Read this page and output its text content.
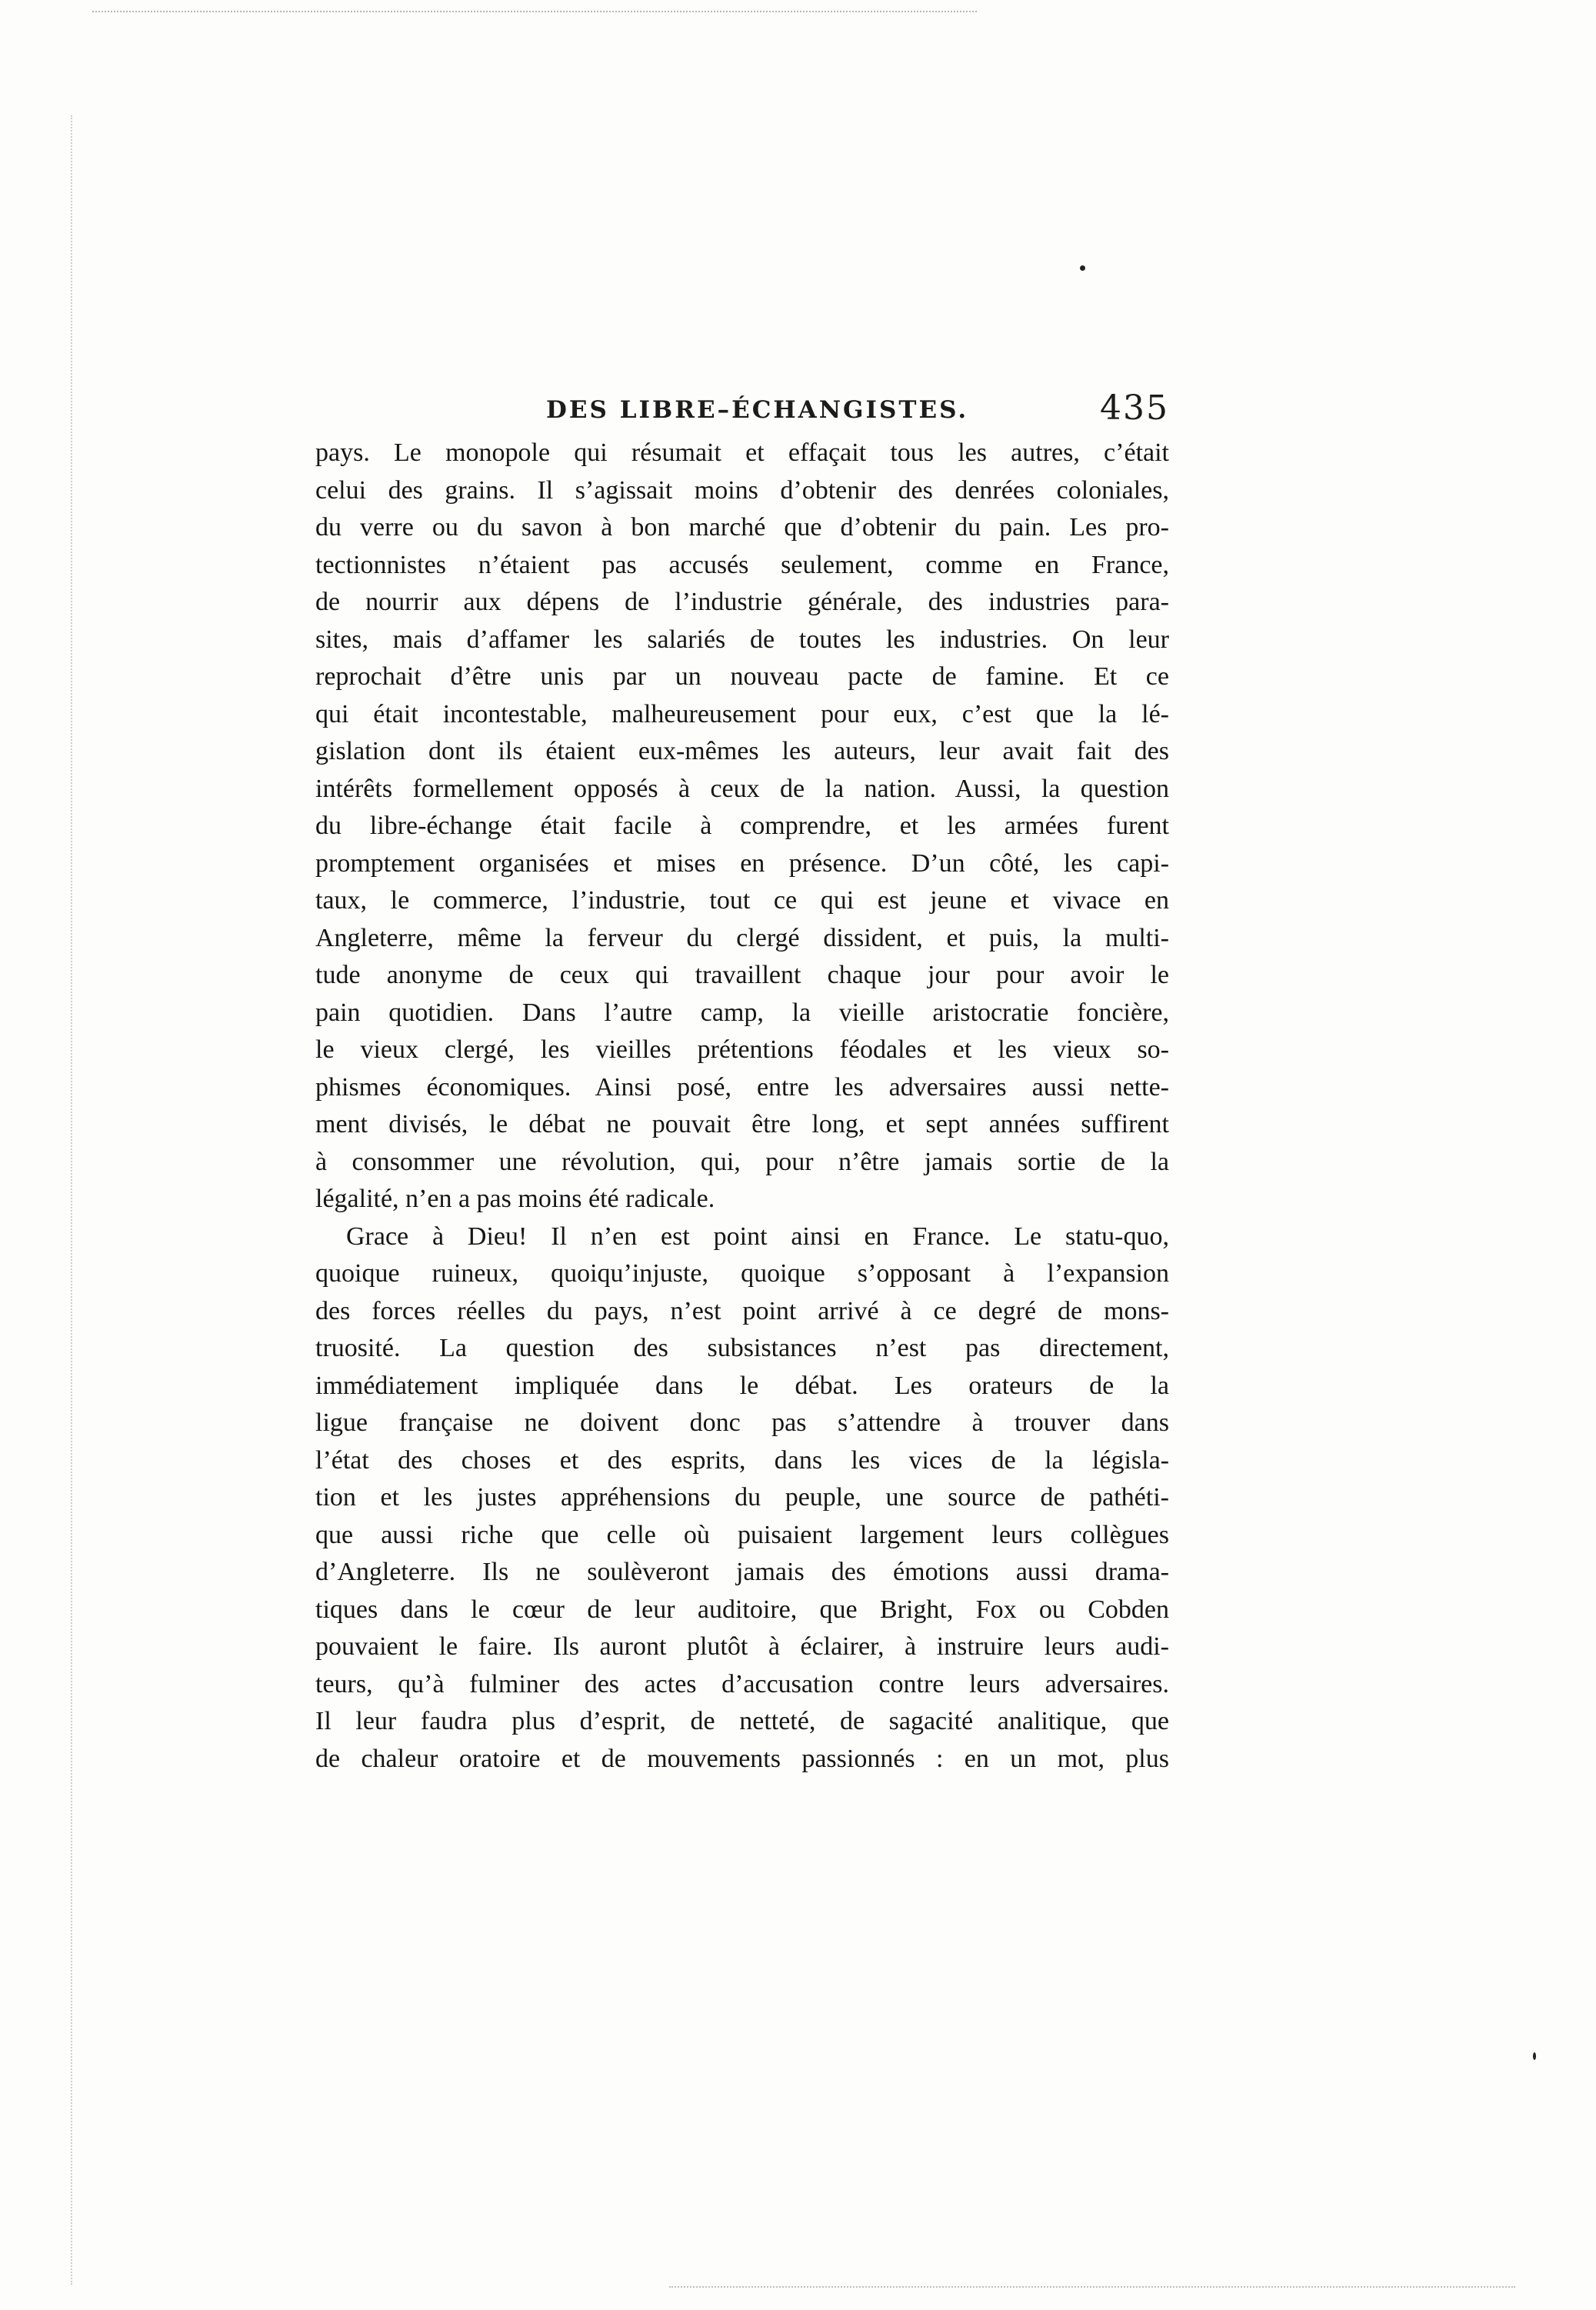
DES LIBRE–ÉCHANGISTES.	435
pays. Le monopole qui résumait et effaçait tous les autres, c’était
celui des grains. Il s’agissait moins d’obtenir des denrées coloniales,
du verre ou du savon à bon marché que d’obtenir du pain. Les pro-
tectionnistes n’étaient pas accusés seulement, comme en France,
de nourrir aux dépens de l’industrie générale, des industries para-
sites, mais d’affamer les salariés de toutes les industries. On leur
reprochait d’être unis par un nouveau pacte de famine. Et ce
qui était incontestable, malheureusement pour eux, c’est que la lé-
gislation dont ils étaient eux-mêmes les auteurs, leur avait fait des
intérêts formellement opposés à ceux de la nation. Aussi, la question
du libre-échange était facile à comprendre, et les armées furent
promptement organisées et mises en présence. D’un côté, les capi-
taux, le commerce, l’industrie, tout ce qui est jeune et vivace en
Angleterre, même la ferveur du clergé dissident, et puis, la multi-
tude anonyme de ceux qui travaillent chaque jour pour avoir le
pain quotidien. Dans l’autre camp, la vieille aristocratie foncière,
le vieux clergé, les vieilles prétentions féodales et les vieux so-
phismes économiques. Ainsi posé, entre les adversaires aussi nette-
ment divisés, le débat ne pouvait être long, et sept années suffirent
à consommer une révolution, qui, pour n’être jamais sortie de la
légalité, n’en a pas moins été radicale.
Grace à Dieu! Il n’en est point ainsi en France. Le statu-quo,
quoique ruineux, quoiqu’injuste, quoique s’opposant à l’expansion
des forces réelles du pays, n’est point arrivé à ce degré de mons-
truosité. La question des subsistances n’est pas directement,
immédiatement impliquée dans le débat. Les orateurs de la
ligue française ne doivent donc pas s’attendre à trouver dans
l’état des choses et des esprits, dans les vices de la législa-
tion et les justes appréhensions du peuple, une source de pathéti-
que aussi riche que celle où puisaient largement leurs collègues
d’Angleterre. Ils ne soulèveront jamais des émotions aussi drama-
tiques dans le cœur de leur auditoire, que Bright, Fox ou Cobden
pouvaient le faire. Ils auront plutôt à éclairer, à instruire leurs audi-
teurs, qu’à fulminer des actes d’accusation contre leurs adversaires.
Il leur faudra plus d’esprit, de netteté, de sagacité analitique, que
de chaleur oratoire et de mouvements passionnés : en un mot, plus
